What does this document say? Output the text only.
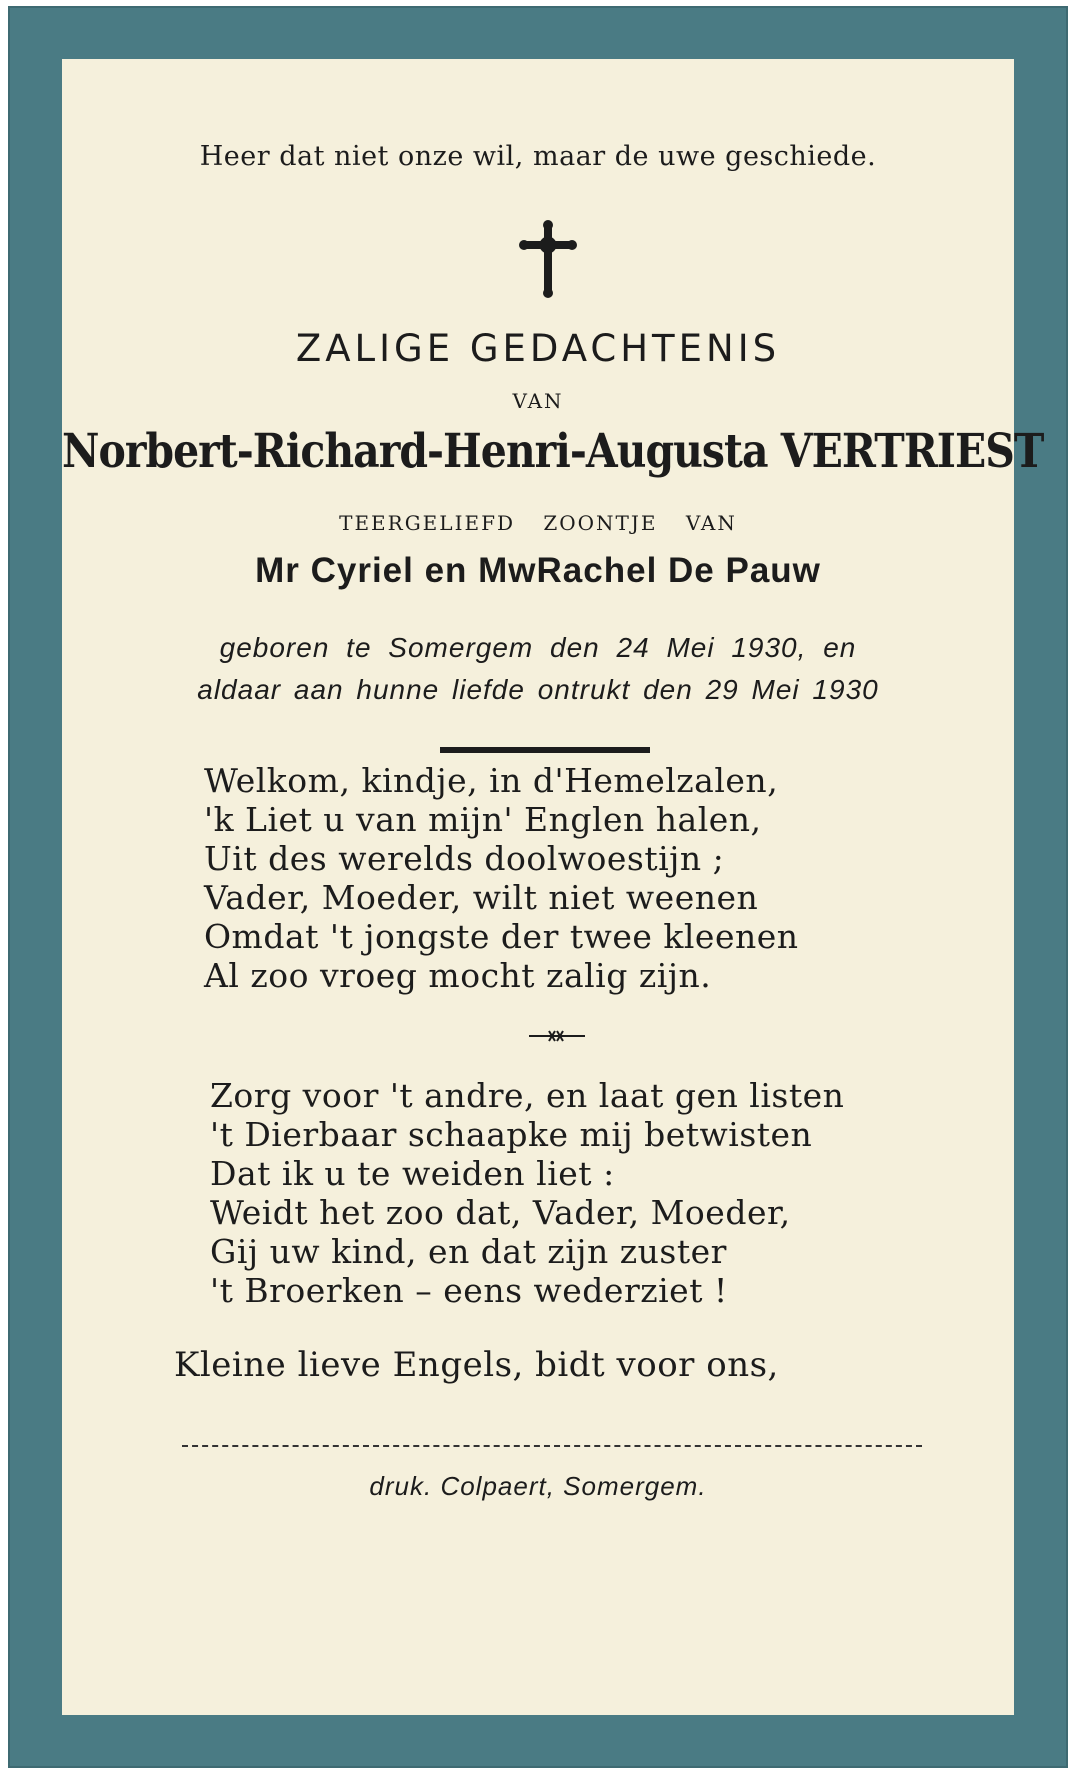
Heer dat niet onze wil, maar de uwe geschiede.
ZALIGE GEDACHTENIS
VAN
Norbert-Richard-Henri-Augusta VERTRIEST
TEERGELIEFD ZOONTJE VAN
Mr Cyriel en MwRachel De Pauw
geboren te Somergem den 24 Mei 1930, en
aldaar aan hunne liefde ontrukt den 29 Mei 1930
Welkom, kindje, in d'Hemelzalen,
'k Liet u van mijn' Englen halen,
Uit des werelds doolwoestijn ;
Vader, Moeder, wilt niet weenen
Omdat 't jongste der twee kleenen
Al zoo vroeg mocht zalig zijn.
Zorg voor 't andre, en laat gen listen
't Dierbaar schaapke mij betwisten
Dat ik u te weiden liet :
Weidt het zoo dat, Vader, Moeder,
Gij uw kind, en dat zijn zuster
't Broerken – eens wederziet !
Kleine lieve Engels, bidt voor ons,
druk. Colpaert, Somergem.
